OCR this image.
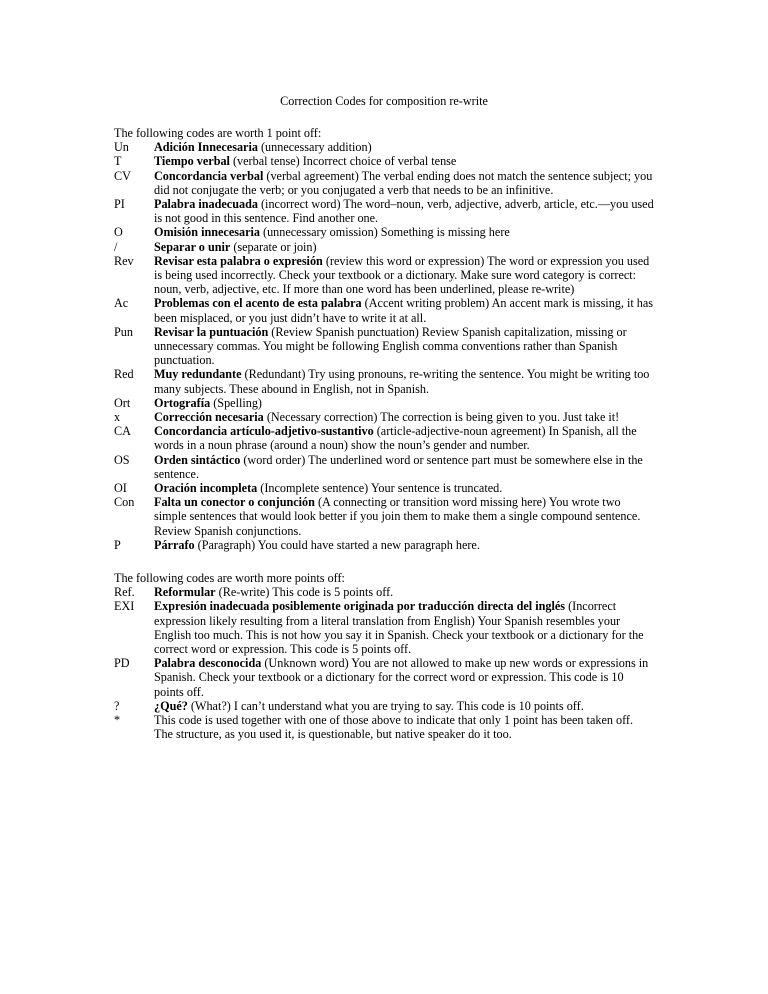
Correction Codes for composition re-write

The following codes are worth 1 point off:

Un	Adición Innecesaria (unnecessary addition)
T	Tiempo verbal (verbal tense) Incorrect choice of verbal tense
CV	Concordancia verbal (verbal agreement) The verbal ending does not match the sentence subject; you did not conjugate the verb; or you conjugated a verb that needs to be an infinitive.
PI	Palabra inadecuada (incorrect word) The word–noun, verb, adjective, adverb, article, etc.—you used is not good in this sentence. Find another one.
O	Omisión innecesaria (unnecessary omission) Something is missing here
/	Separar o unir (separate or join)
Rev	Revisar esta palabra o expresión (review this word or expression) The word or expression you used is being used incorrectly. Check your textbook or a dictionary. Make sure word category is correct: noun, verb, adjective, etc. If more than one word has been underlined, please re-write)
Ac	Problemas con el acento de esta palabra (Accent writing problem) An accent mark is missing, it has been misplaced, or you just didn’t have to write it at all.
Pun	Revisar la puntuación (Review Spanish punctuation) Review Spanish capitalization, missing or unnecessary commas. You might be following English comma conventions rather than Spanish punctuation.
Red	Muy redundante (Redundant) Try using pronouns, re-writing the sentence. You might be writing too many subjects. These abound in English, not in Spanish.
Ort	Ortografía (Spelling)
x	Corrección necesaria (Necessary correction) The correction is being given to you. Just take it!
CA	Concordancia artículo-adjetivo-sustantivo (article-adjective-noun agreement) In Spanish, all the words in a noun phrase (around a noun) show the noun’s gender and number.
OS	Orden sintáctico (word order) The underlined word or sentence part must be somewhere else in the sentence.
OI	Oración incompleta (Incomplete sentence) Your sentence is truncated.
Con	Falta un conector o conjunción (A connecting or transition word missing here) You wrote two simple sentences that would look better if you join them to make them a single compound sentence. Review Spanish conjunctions.
P	Párrafo (Paragraph) You could have started a new paragraph here.

The following codes are worth more points off:

Ref.	Reformular (Re-write) This code is 5 points off.
EXI	Expresión inadecuada posiblemente originada por traducción directa del inglés (Incorrect expression likely resulting from a literal translation from English) Your Spanish resembles your English too much. This is not how you say it in Spanish. Check your textbook or a dictionary for the correct word or expression. This code is 5 points off.
PD	Palabra desconocida (Unknown word) You are not allowed to make up new words or expressions in Spanish. Check your textbook or a dictionary for the correct word or expression. This code is 10 points off.
?	¿Qué? (What?) I can’t understand what you are trying to say. This code is 10 points off.
*	This code is used together with one of those above to indicate that only 1 point has been taken off. The structure, as you used it, is questionable, but native speaker do it too.
